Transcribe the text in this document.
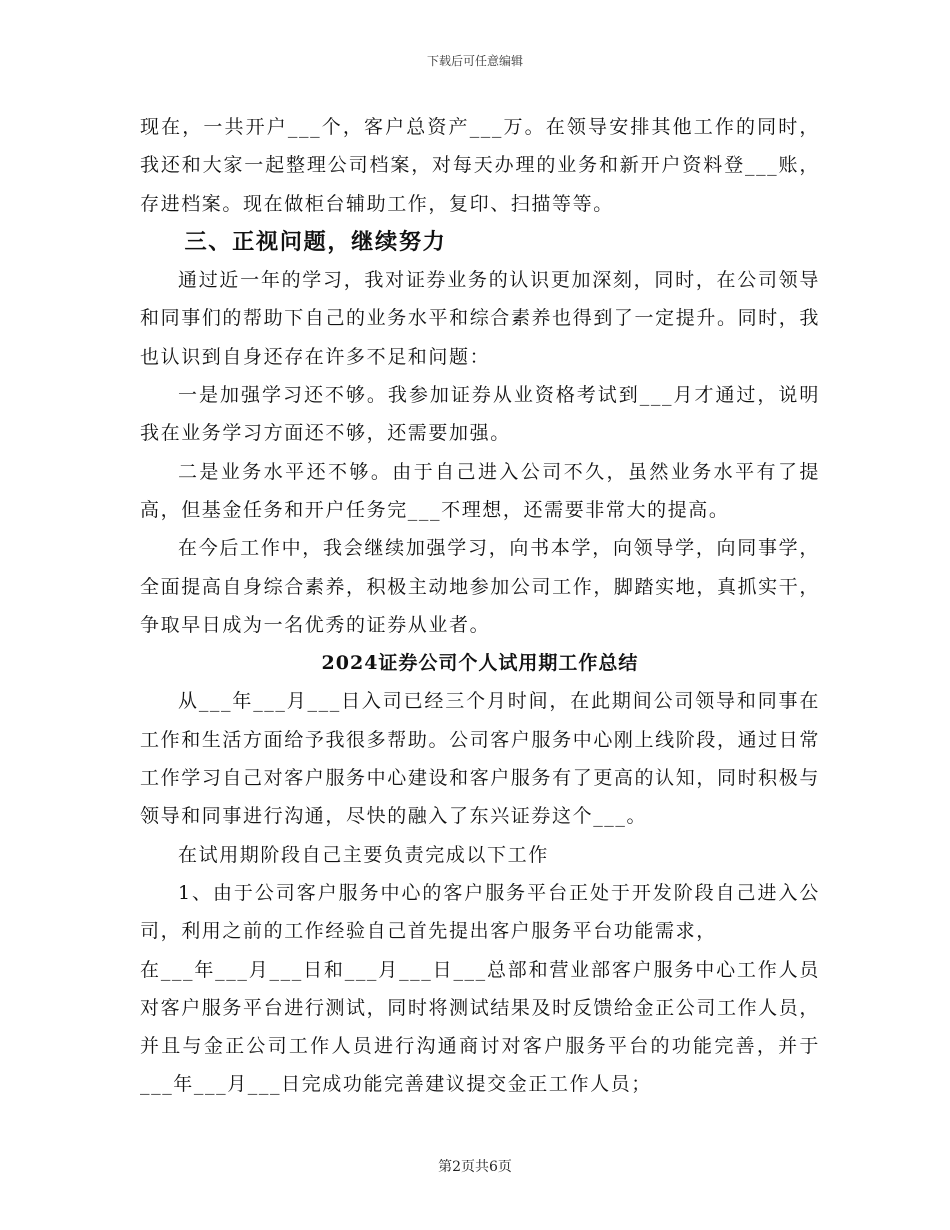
下载后可任意编辑

现在，一共开户___个，客户总资产___万。在领导安排其他工作的同时，我还和大家一起整理公司档案，对每天办理的业务和新开户资料登___账，存进档案。现在做柜台辅助工作，复印、扫描等等。

三、正视问题，继续努力

通过近一年的学习，我对证券业务的认识更加深刻，同时，在公司领导和同事们的帮助下自己的业务水平和综合素养也得到了一定提升。同时，我也认识到自身还存在许多不足和问题：

一是加强学习还不够。我参加证券从业资格考试到___月才通过，说明我在业务学习方面还不够，还需要加强。

二是业务水平还不够。由于自己进入公司不久，虽然业务水平有了提高，但基金任务和开户任务完___不理想，还需要非常大的提高。

在今后工作中，我会继续加强学习，向书本学，向领导学，向同事学，全面提高自身综合素养，积极主动地参加公司工作，脚踏实地，真抓实干，争取早日成为一名优秀的证券从业者。

2024证券公司个人试用期工作总结

从___年___月___日入司已经三个月时间，在此期间公司领导和同事在工作和生活方面给予我很多帮助。公司客户服务中心刚上线阶段，通过日常工作学习自己对客户服务中心建设和客户服务有了更高的认知，同时积极与领导和同事进行沟通，尽快的融入了东兴证券这个___。

在试用期阶段自己主要负责完成以下工作

1、由于公司客户服务中心的客户服务平台正处于开发阶段自己进入公司，利用之前的工作经验自己首先提出客户服务平台功能需求，

在___年___月___日和___月___日___总部和营业部客户服务中心工作人员对客户服务平台进行测试，同时将测试结果及时反馈给金正公司工作人员，并且与金正公司工作人员进行沟通商讨对客户服务平台的功能完善，并于___年___月___日完成功能完善建议提交金正工作人员；

第2页共6页
